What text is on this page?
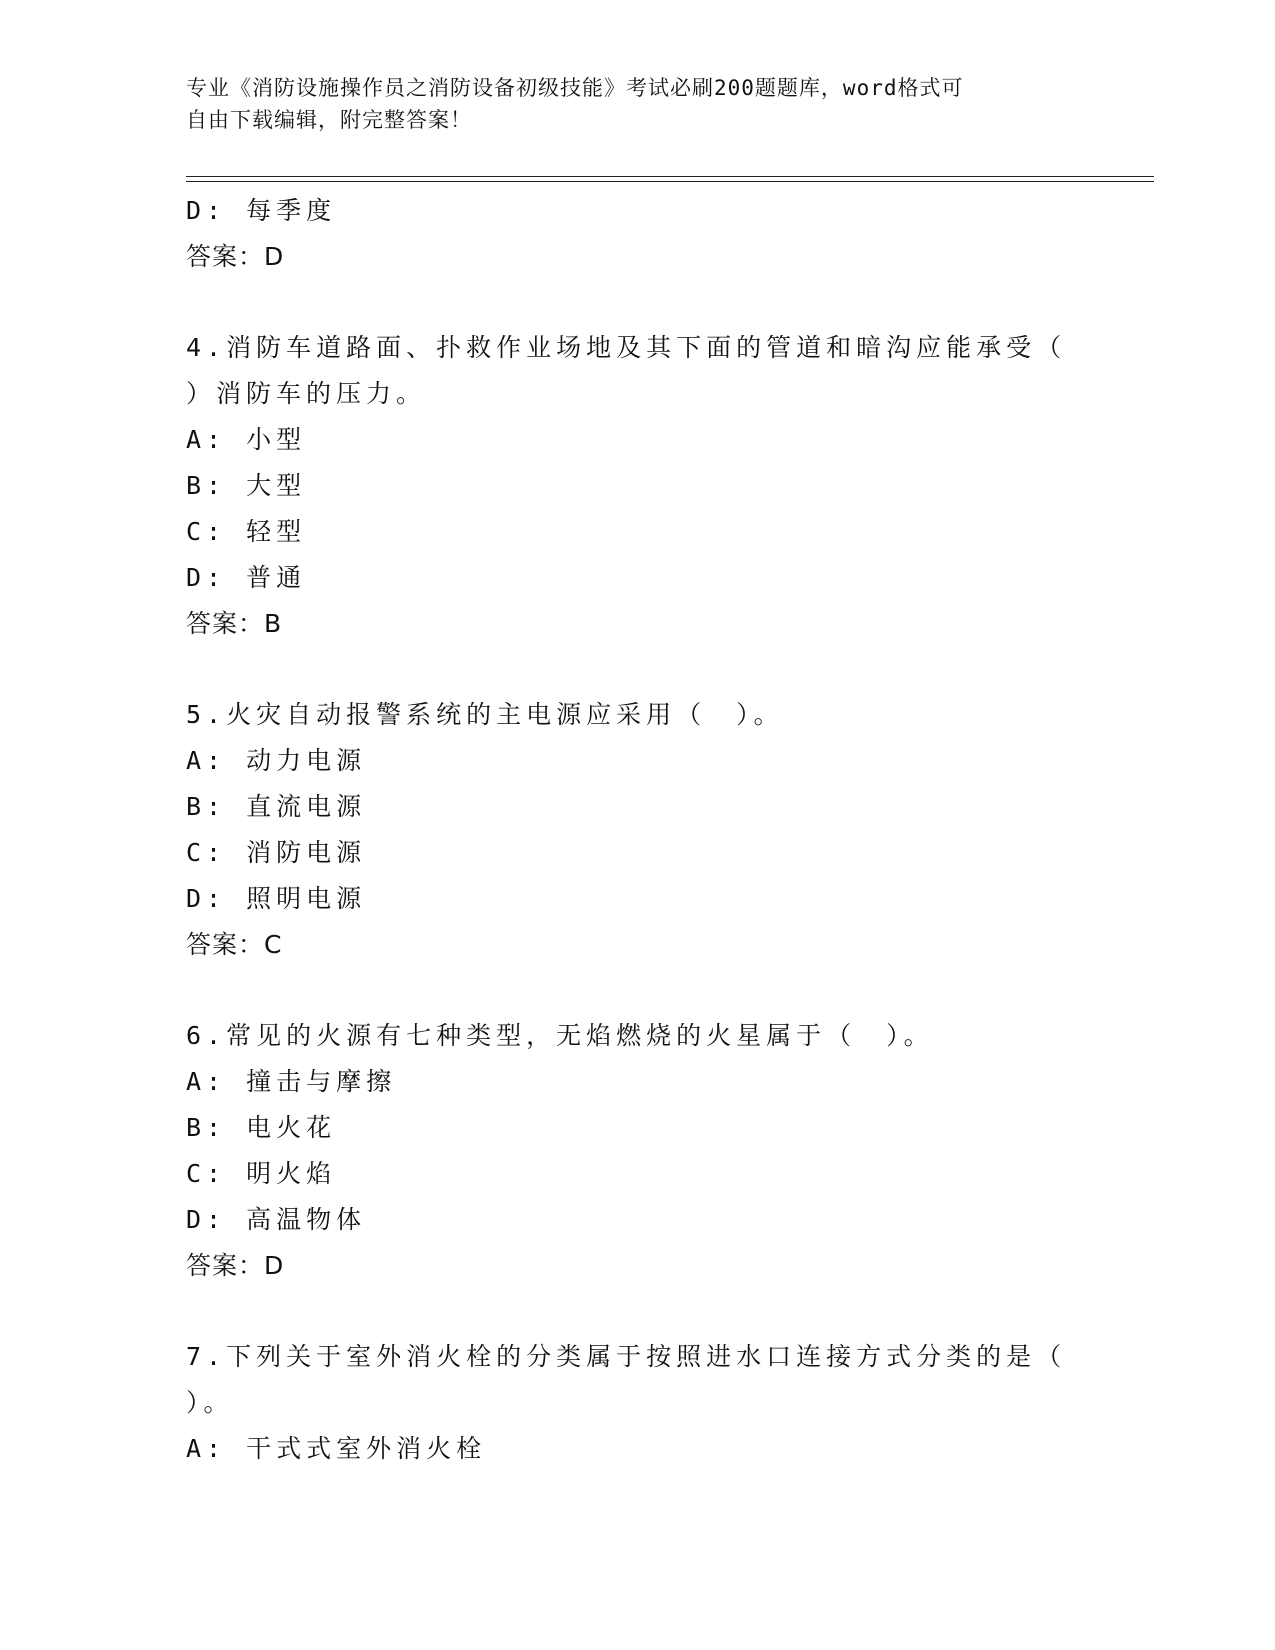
专业《消防设施操作员之消防设备初级技能》考试必刷200题题库，word格式可
自由下载编辑，附完整答案！
D: 每季度
答案：D
4.消防车道路面、扑救作业场地及其下面的管道和暗沟应能承受（
）消防车的压力。
A: 小型
B: 大型
C: 轻型
D: 普通
答案：B
5.火灾自动报警系统的主电源应采用（　）。
A: 动力电源
B: 直流电源
C: 消防电源
D: 照明电源
答案：C
6.常见的火源有七种类型，无焰燃烧的火星属于（　）。
A: 撞击与摩擦
B: 电火花
C: 明火焰
D: 高温物体
答案：D
7.下列关于室外消火栓的分类属于按照进水口连接方式分类的是（
）。
A: 干式式室外消火栓
